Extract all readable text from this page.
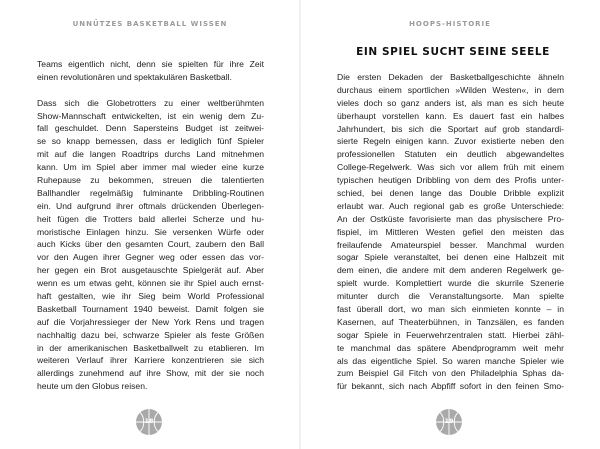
UNNÜTZES BASKETBALL WISSEN

Teams eigentlich nicht, denn sie spielten für ihre Zeit
einen revolutionären und spektakulären Basketball.

Dass sich die Globetrotters zu einer weltberühmten
Show-Mannschaft entwickelten, ist ein wenig dem Zu-
fall geschuldet. Denn Sapersteins Budget ist zeitwei-
se so knapp bemessen, dass er lediglich fünf Spieler
mit auf die langen Roadtrips durchs Land mitnehmen
kann. Um im Spiel aber immer mal wieder eine kurze
Ruhepause zu bekommen, streuen die talentierten
Ballhandler regelmäßig fulminante Dribbling-Routinen
ein. Und aufgrund ihrer oftmals drückenden Überlegen-
heit fügen die Trotters bald allerlei Scherze und hu-
moristische Einlagen hinzu. Sie versenken Würfe oder
auch Kicks über den gesamten Court, zaubern den Ball
vor den Augen ihrer Gegner weg oder essen das vor-
her gegen ein Brot ausgetauschte Spielgerät auf. Aber
wenn es um etwas geht, können sie ihr Spiel auch ernst-
haft gestalten, wie ihr Sieg beim World Professional
Basketball Tournament 1940 beweist. Damit folgen sie
auf die Vorjahressieger der New York Rens und tragen
nachhaltig dazu bei, schwarze Spieler als feste Größen
in der amerikanischen Basketballwelt zu etablieren. Im
weiteren Verlauf ihrer Karriere konzentrieren sie sich
allerdings zunehmend auf ihre Show, mit der sie noch
heute um den Globus reisen.

18
HOOPS-HISTORIE
EIN SPIEL SUCHT SEINE SEELE

Die ersten Dekaden der Basketballgeschichte ähneln
durchaus einem sportlichen »Wilden Westen«, in dem
vieles doch so ganz anders ist, als man es sich heute
überhaupt vorstellen kann. Es dauert fast ein halbes
Jahrhundert, bis sich die Sportart auf grob standardi-
sierte Regeln einigen kann. Zuvor existierte neben den
professionellen Statuten ein deutlich abgewandeltes
College-Regelwerk. Was sich vor allem früh mit einem
typischen heutigen Dribbling von dem des Profis unter-
schied, bei denen lange das Double Dribble explizit
erlaubt war. Auch regional gab es große Unterschiede:
An der Ostküste favorisierte man das physischere Pro-
fispiel, im Mittleren Westen gefiel den meisten das
freilaufende Amateurspiel besser. Manchmal wurden
sogar Spiele veranstaltet, bei denen eine Halbzeit mit
dem einen, die andere mit dem anderen Regelwerk ge-
spielt wurde. Komplettiert wurde die skurrile Szenerie
mitunter durch die Veranstaltungsorte. Man spielte
fast überall dort, wo man sich einmieten konnte – in
Kasernen, auf Theaterbühnen, in Tanzsälen, es fanden
sogar Spiele in Feuerwehrzentralen statt. Hierbei zähl-
te manchmal das spätere Abendprogramm weit mehr
als das eigentliche Spiel. So waren manche Spieler wie
zum Beispiel Gil Fitch von den Philadelphia Sphas da-
für bekannt, sich nach Abpfiff sofort in den feinen Smo-

19
